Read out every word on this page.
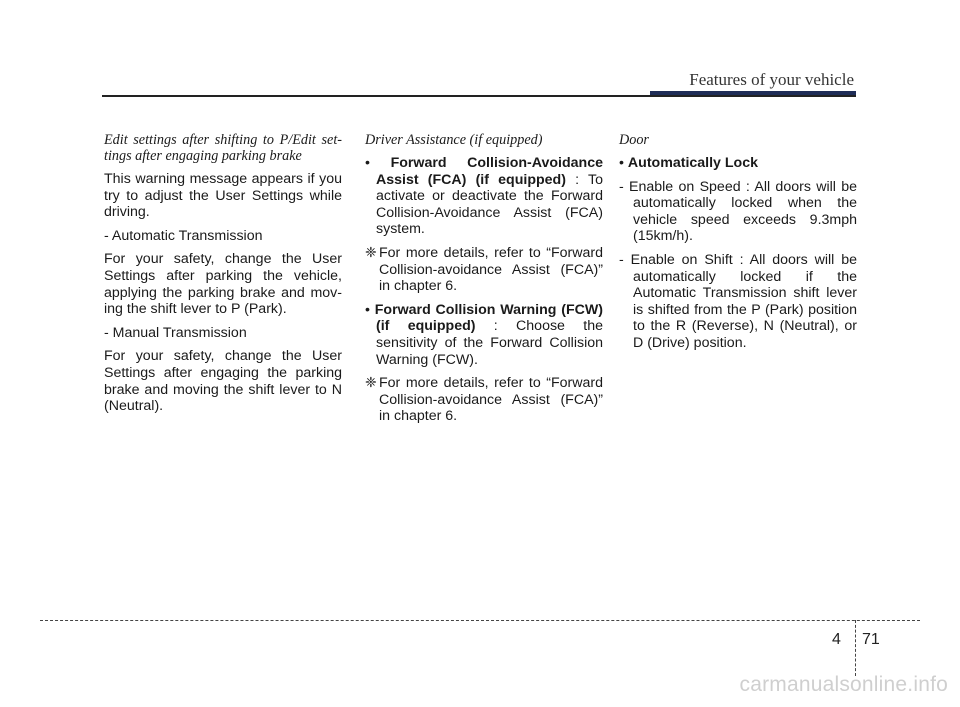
Features of your vehicle

Edit settings after shifting to P/Edit set-tings after engaging parking brake

This warning message appears if you try to adjust the User Settings while driving.

- Automatic Transmission

For your safety, change the User Settings after parking the vehicle, applying the parking brake and mov-ing the shift lever to P (Park).

- Manual Transmission

For your safety, change the User Settings after engaging the parking brake and moving the shift lever to N (Neutral).

Driver Assistance (if equipped)

• Forward Collision-Avoidance Assist (FCA) (if equipped) : To activate or deactivate the Forward Collision-Avoidance Assist (FCA) system.

❈ For more details, refer to “Forward Collision-avoidance Assist (FCA)” in chapter 6.

• Forward Collision Warning (FCW) (if equipped) : Choose the sensitivity of the Forward Collision Warning (FCW).

❈ For more details, refer to “Forward Collision-avoidance Assist (FCA)” in chapter 6.

Door

• Automatically Lock

- Enable on Speed : All doors will be automatically locked when the vehicle speed exceeds 9.3mph (15km/h).

- Enable on Shift : All doors will be automatically locked if the Automatic Transmission shift lever is shifted from the P (Park) position to the R (Reverse), N (Neutral), or D (Drive) position.

4 71
carmanualsonline.info
